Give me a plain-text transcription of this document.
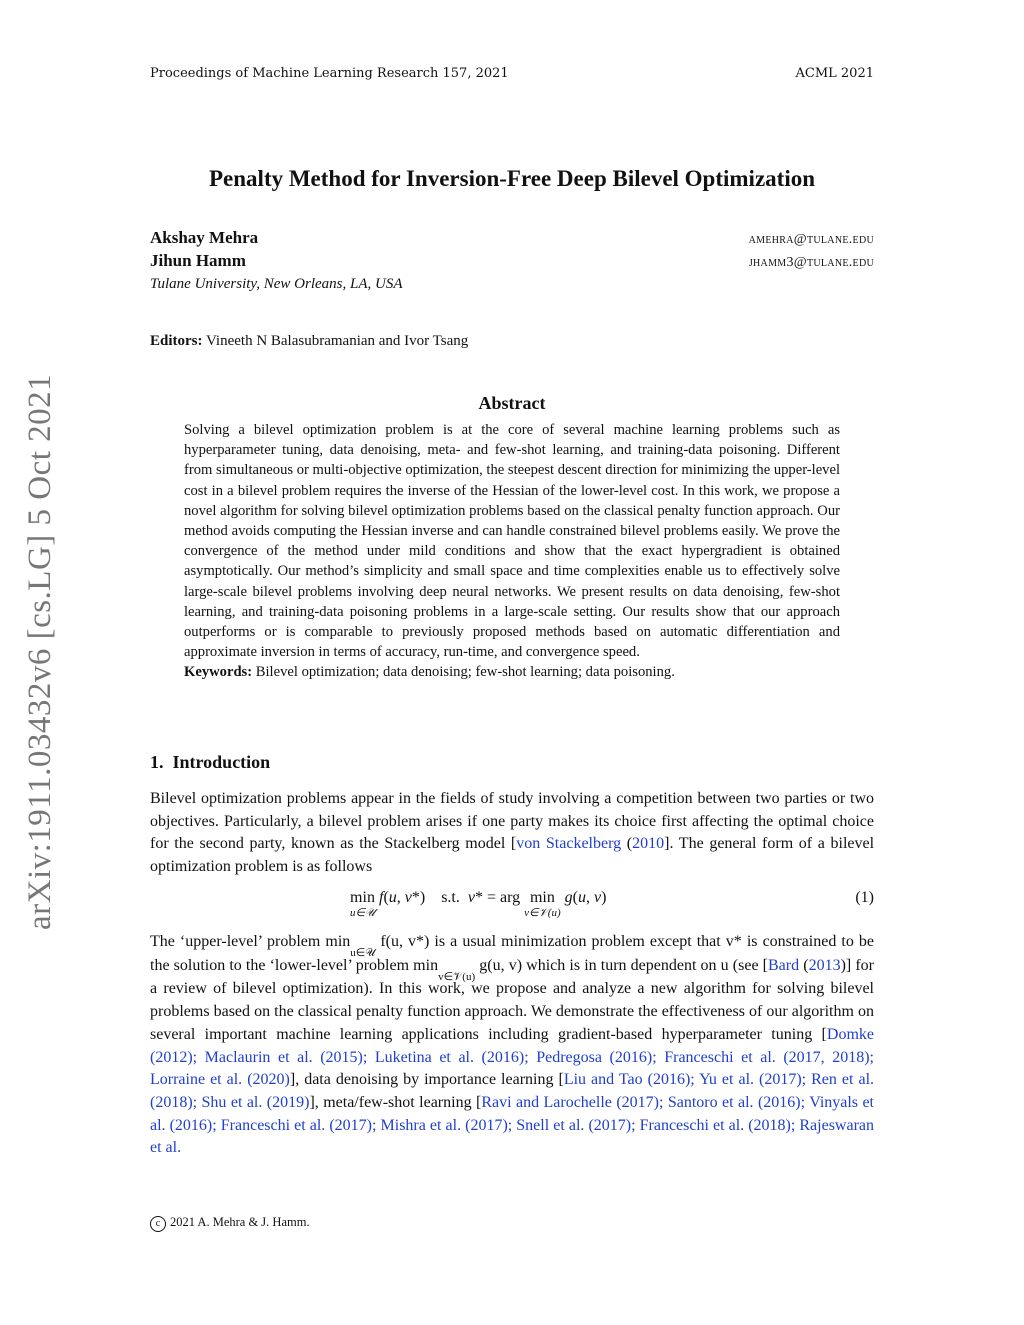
Proceedings of Machine Learning Research 157, 2021	ACML 2021
arXiv:1911.03432v6 [cs.LG] 5 Oct 2021
Penalty Method for Inversion-Free Deep Bilevel Optimization
Akshay Mehra	amehra@tulane.edu
Jihun Hamm	jhamm3@tulane.edu
Tulane University, New Orleans, LA, USA
Editors: Vineeth N Balasubramanian and Ivor Tsang
Abstract
Solving a bilevel optimization problem is at the core of several machine learning problems such as hyperparameter tuning, data denoising, meta- and few-shot learning, and training-data poisoning. Different from simultaneous or multi-objective optimization, the steepest descent direction for minimizing the upper-level cost in a bilevel problem requires the inverse of the Hessian of the lower-level cost. In this work, we propose a novel algorithm for solving bilevel optimization problems based on the classical penalty function approach. Our method avoids computing the Hessian inverse and can handle constrained bilevel problems easily. We prove the convergence of the method under mild conditions and show that the exact hypergradient is obtained asymptotically. Our method’s simplicity and small space and time complexities enable us to effectively solve large-scale bilevel problems involving deep neural networks. We present results on data denoising, few-shot learning, and training-data poisoning problems in a large-scale setting. Our results show that our approach outperforms or is comparable to previously proposed methods based on automatic differentiation and approximate inversion in terms of accuracy, run-time, and convergence speed.
Keywords: Bilevel optimization; data denoising; few-shot learning; data poisoning.
1. Introduction
Bilevel optimization problems appear in the fields of study involving a competition between two parties or two objectives. Particularly, a bilevel problem arises if one party makes its choice first affecting the optimal choice for the second party, known as the Stackelberg model [von Stackelberg (2010]. The general form of a bilevel optimization problem is as follows
min
u∈𝒰
f(u, v*)    s.t.  v* = arg min
v∈𝒱(u)
g(u, v)	(1)
The ‘upper-level’ problem $\min_{u\in 𝒰} f(u$, v*) is a usual minimization problem except that v* is constrained to be the solution to the ‘lower-level’ problem $\min_{v\in 𝒱(u)} g(u$, v) which is in turn dependent on u (see [Bard (2013)] for a review of bilevel optimization). In this work, we propose and analyze a new algorithm for solving bilevel problems based on the classical penalty function approach. We demonstrate the effectiveness of our algorithm on several important machine learning applications including gradient-based hyperparameter tuning [Domke (2012); Maclaurin et al. (2015); Luketina et al. (2016); Pedregosa (2016); Franceschi et al. (2017, 2018); Lorraine et al. (2020)], data denoising by importance learning [Liu and Tao (2016); Yu et al. (2017); Ren et al. (2018); Shu et al. (2019)], meta/few-shot learning [Ravi and Larochelle (2017); Santoro et al. (2016); Vinyals et al. (2016); Franceschi et al. (2017); Mishra et al. (2017); Snell et al. (2017); Franceschi et al. (2018); Rajeswaran et al.
c 2021 A. Mehra & J. Hamm.
